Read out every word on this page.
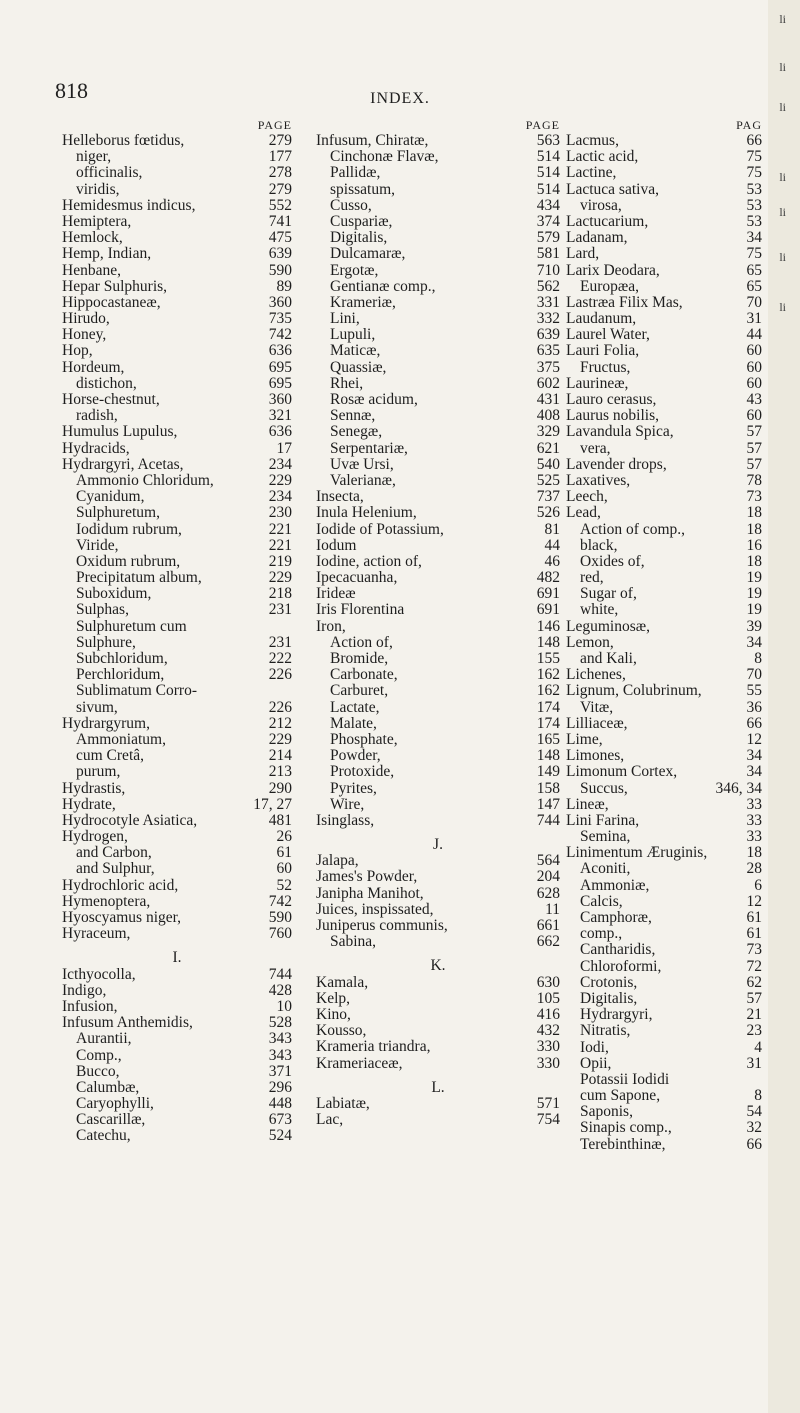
818	INDEX.
PAGE
Helleborus fœtidus,	279
niger,	177
officinalis,	278
viridis,	279
Hemidesmus indicus,	552
Hemiptera,	741
Hemlock,	475
Hemp, Indian,	639
Henbane,	590
Hepar Sulphuris,	89
Hippocastaneæ,	360
Hirudo,	735
Honey,	742
Hop,	636
Hordeum,	695
distichon,	695
Horse-chestnut,	360
radish,	321
Humulus Lupulus,	636
Hydracids,	17
Hydrargyri, Acetas,	234
Ammonio Chloridum,	229
Cyanidum,	234
Sulphuretum,	230
Iodidum rubrum,	221
Viride,	221
Oxidum rubrum,	219
Precipitatum album,	229
Suboxidum,	218
Sulphas,	231
Sulphuretum cum
Sulphure,	231
Subchloridum,	222
Perchloridum,	226
Sublimatum Corro-
sivum,	226
Hydrargyrum,	212
Ammoniatum,	229
cum Cretâ,	214
purum,	213
Hydrastis,	290
Hydrate,	17, 27
Hydrocotyle Asiatica,	481
Hydrogen,	26
and Carbon,	61
and Sulphur,	60
Hydrochloric acid,	52
Hymenoptera,	742
Hyoscyamus niger,	590
Hyraceum,	760
I.
Icthyocolla,	744
Indigo,	428
Infusion,	10
Infusum Anthemidis,	528
Aurantii,	343
Comp.,	343
Bucco,	371
Calumbæ,	296
Caryophylli,	448
Cascarillæ,	673
Catechu,	524
PAGE
Infusum, Chiratæ,	563
Cinchonæ Flavæ,	514
Pallidæ,	514
spissatum,	514
Cusso,	434
Cuspariæ,	374
Digitalis,	579
Dulcamaræ,	581
Ergotæ,	710
Gentianæ comp.,	562
Krameriæ,	331
Lini,	332
Lupuli,	639
Maticæ,	635
Quassiæ,	375
Rhei,	602
Rosæ acidum,	431
Sennæ,	408
Senegæ,	329
Serpentariæ,	621
Uvæ Ursi,	540
Valerianæ,	525
Insecta,	737
Inula Helenium,	526
Iodide of Potassium,	81
Iodum	44
Iodine, action of,	46
Ipecacuanha,	482
Irideæ	691
Iris Florentina	691
Iron,	146
Action of,	148
Bromide,	155
Carbonate,	162
Carburet,	162
Lactate,	174
Malate,	174
Phosphate,	165
Powder,	148
Protoxide,	149
Pyrites,	158
Wire,	147
Isinglass,	744
J.
Jalapa,	564
James's Powder,	204
Janipha Manihot,	628
Juices, inspissated,	11
Juniperus communis,	661
Sabina,	662
K.
Kamala,	630
Kelp,	105
Kino,	416
Kousso,	432
Krameria triandra,	330
Krameriaceæ,	330
L.
Labiatæ,	571
Lac,	754
PAG
Lacmus,	66
Lactic acid,	75
Lactine,	75
Lactuca sativa,	53
virosa,	53
Lactucarium,	53
Ladanam,	34
Lard,	75
Larix Deodara,	65
Europæa,	65
Lastræa Filix Mas,	70
Laudanum,	31
Laurel Water,	44
Lauri Folia,	60
Fructus,	60
Laurineæ,	60
Lauro cerasus,	43
Laurus nobilis,	60
Lavandula Spica,	57
vera,	57
Lavender drops,	57
Laxatives,	78
Leech,	73
Lead,	18
Action of comp.,	18
black,	16
Oxides of,	18
red,	19
Sugar of,	19
white,	19
Leguminosæ,	39
Lemon,	34
and Kali,	8
Lichenes,	70
Lignum, Colubrinum,	55
Vitæ,	36
Lilliaceæ,	66
Lime,	12
Limones,	34
Limonum Cortex,	34
Succus,	346, 34
Lineæ,	33
Lini Farina,	33
Semina,	33
Linimentum Æruginis,	18
Aconiti,	28
Ammoniæ,	6
Calcis,	12
Camphoræ,	61
comp.,	61
Cantharidis,	73
Chloroformi,	72
Crotonis,	62
Digitalis,	57
Hydrargyri,	21
Nitratis,	23
Iodi,	4
Opii,	31
Potassii Iodidi
cum Sapone,	8
Saponis,	54
Sinapis comp.,	32
Terebinthinæ,	66
li
li
li
li
li
li
li
